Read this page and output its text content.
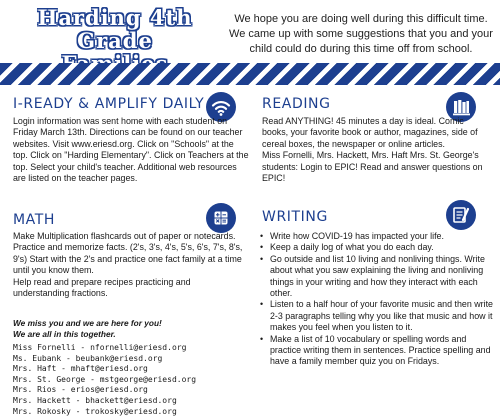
Harding 4th Grade
We hope you are doing well during this difficult time. We came up with some suggestions that you and your child could do during this time off from school.
I-READY & AMPLIFY DAILY
Login information was sent home with each student on Friday March 13th. Directions can be found on our teacher websites. Visit www.eriesd.org. Click on "Schools" at the top. Click on "Harding Elementary". Click on Teachers at the top. Select your child's teacher. Additional web resources are listed on the teacher pages.
READING
Read ANYTHING! 45 minutes a day is ideal. Comic books, your favorite book or author, magazines, side of cereal boxes, the newspaper or online articles.
Miss Fornelli, Mrs. Hackett, Mrs. Haft Mrs. St. George's students: Login to EPIC! Read and answer questions on EPIC!
MATH
Make Multiplication flashcards out of paper or notecards. Practice and memorize facts. (2's, 3's, 4's, 5's, 6's, 7's, 8's, 9's) Start with the 2's and practice one fact family at a time until you know them.
Help read and prepare recipes practicing and understanding fractions.
WRITING
• Write how COVID-19 has impacted your life.
• Keep a daily log of what you do each day.
• Go outside and list 10 living and nonliving things. Write about what you saw explaining the living and nonliving things in your writing and how they interact with each other.
• Listen to a half hour of your favorite music and then write 2-3 paragraphs telling why you like that music and how it makes you feel when you listen to it.
• Make a list of 10 vocabulary or spelling words and practice writing them in sentences. Practice spelling and have a family member quiz you on Fridays.
We miss you and we are here for you!
We are all in this together.
Miss Fornelli - nfornelli@eriesd.org
Ms. Eubank - beubank@eriesd.org
Mrs. Haft - mhaft@eriesd.org
Mrs. St. George - mstgeorge@eriesd.org
Mrs. Rios - erios@eriesd.org
Mrs. Hackett - bhackett@eriesd.org
Mrs. Rokosky - trokosky@eriesd.org
